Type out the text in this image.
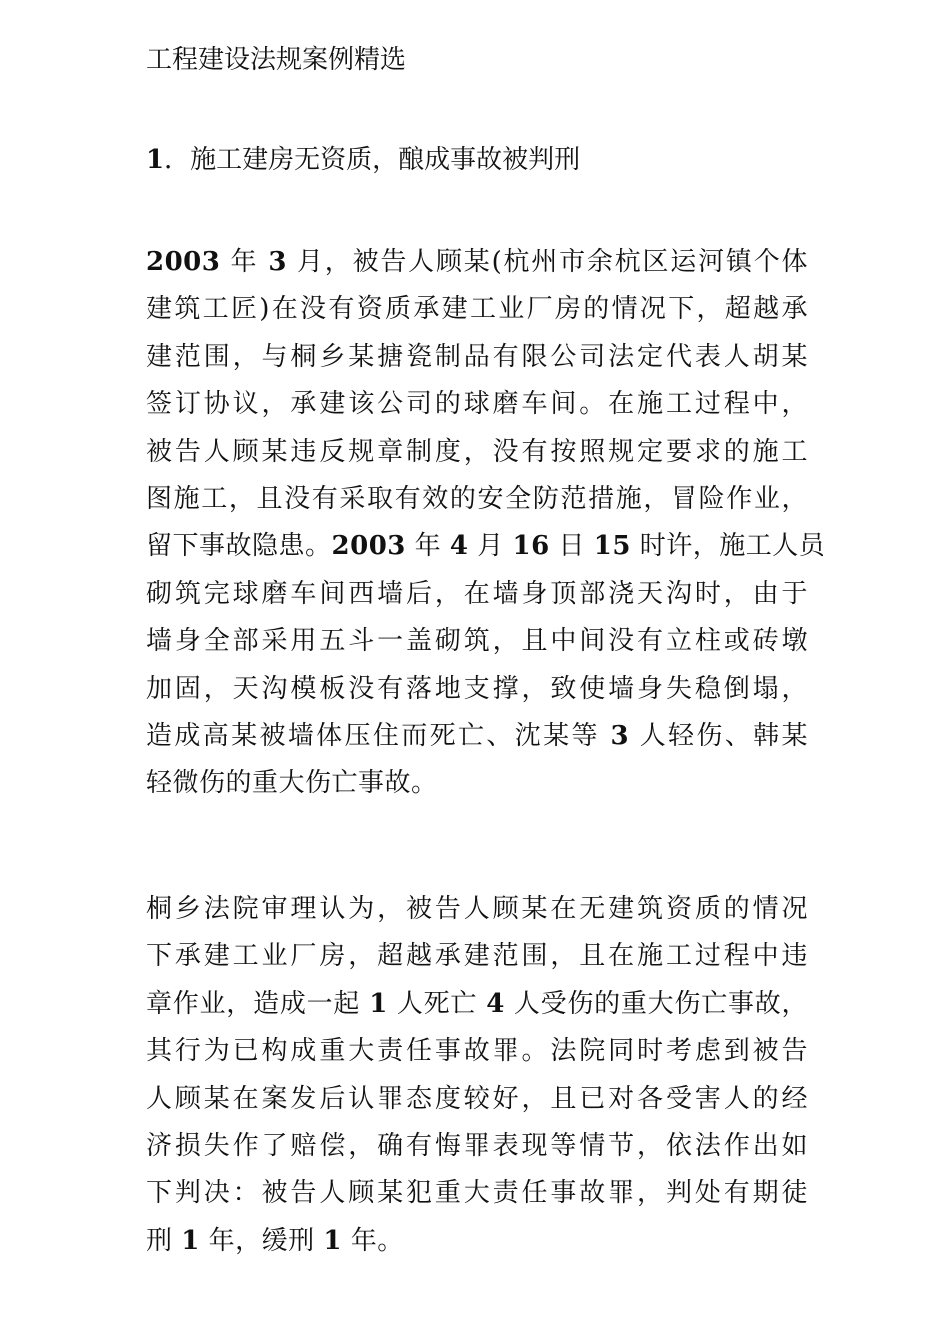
工程建设法规案例精选
1．施工建房无资质，酿成事故被判刑

2003 年 3 月，被告人顾某(杭州市余杭区运河镇个体
建筑工匠)在没有资质承建工业厂房的情况下，超越承
建范围，与桐乡某搪瓷制品有限公司法定代表人胡某
签订协议，承建该公司的球磨车间。在施工过程中，
被告人顾某违反规章制度，没有按照规定要求的施工
图施工，且没有采取有效的安全防范措施，冒险作业，
留下事故隐患。2003 年 4 月 16 日 15 时许，施工人员
砌筑完球磨车间西墙后，在墙身顶部浇天沟时，由于
墙身全部采用五斗一盖砌筑，且中间没有立柱或砖墩
加固，天沟模板没有落地支撑，致使墙身失稳倒塌，
造成高某被墙体压住而死亡、沈某等 3 人轻伤、韩某
轻微伤的重大伤亡事故。

桐乡法院审理认为，被告人顾某在无建筑资质的情况
下承建工业厂房，超越承建范围，且在施工过程中违
章作业，造成一起 1 人死亡 4 人受伤的重大伤亡事故，
其行为已构成重大责任事故罪。法院同时考虑到被告
人顾某在案发后认罪态度较好，且已对各受害人的经
济损失作了赔偿，确有悔罪表现等情节，依法作出如
下判决：被告人顾某犯重大责任事故罪，判处有期徒
刑 1 年，缓刑 1 年。
